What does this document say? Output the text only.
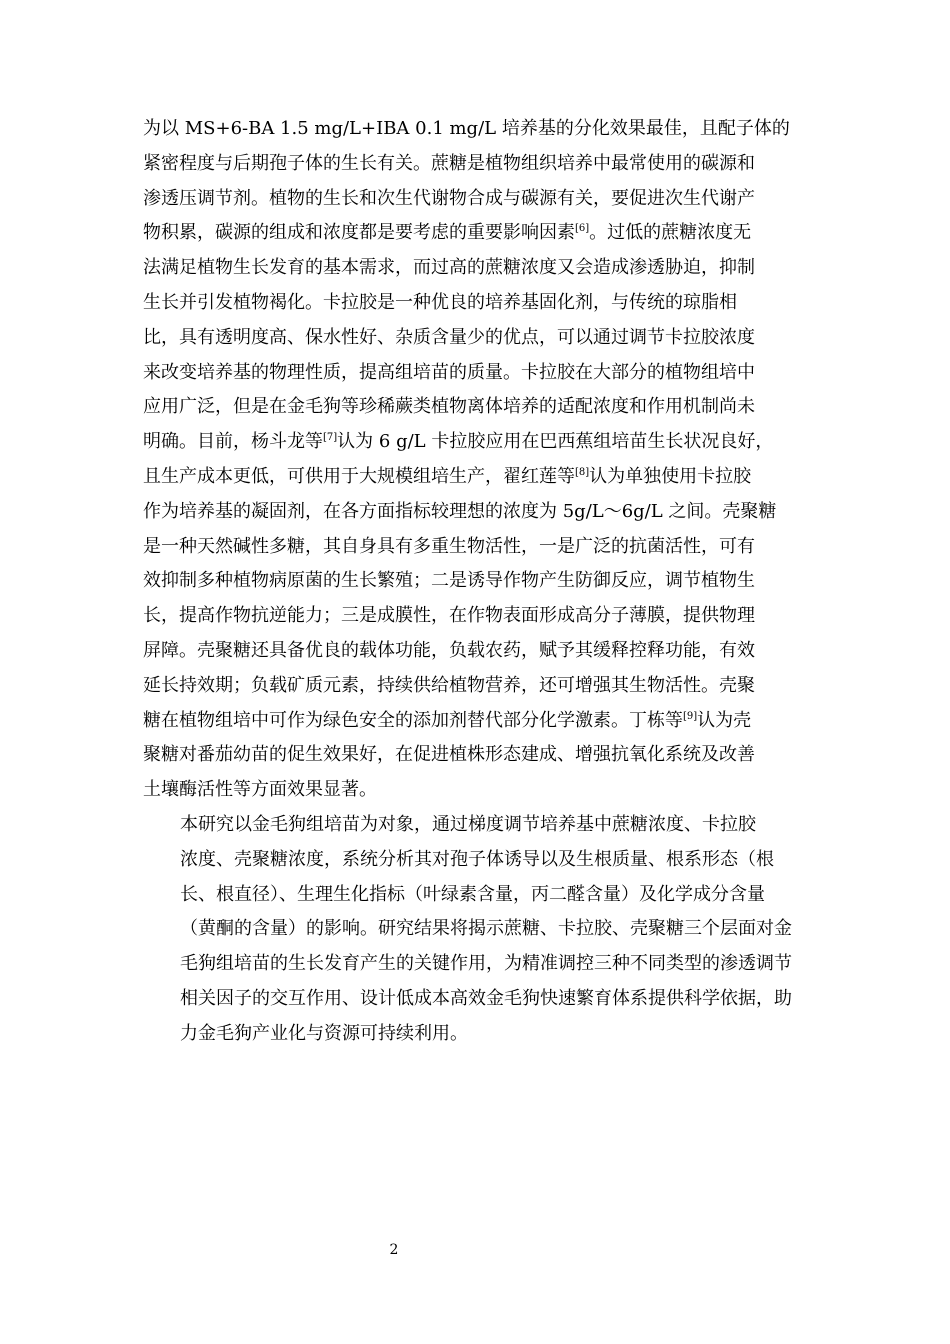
为以 MS+6-BA 1.5 mg/L+IBA 0.1 mg/L 培养基的分化效果最佳，且配子体的
紧密程度与后期孢子体的生长有关。蔗糖是植物组织培养中最常使用的碳源和
渗透压调节剂。植物的生长和次生代谢物合成与碳源有关，要促进次生代谢产
物积累，碳源的组成和浓度都是要考虑的重要影响因素[6]。过低的蔗糖浓度无
法满足植物生长发育的基本需求，而过高的蔗糖浓度又会造成渗透胁迫，抑制
生长并引发植物褐化。卡拉胶是一种优良的培养基固化剂，与传统的琼脂相
比，具有透明度高、保水性好、杂质含量少的优点，可以通过调节卡拉胶浓度
来改变培养基的物理性质，提高组培苗的质量。卡拉胶在大部分的植物组培中
应用广泛，但是在金毛狗等珍稀蕨类植物离体培养的适配浓度和作用机制尚未
明确。目前，杨斗龙等[7]认为 6 g/L 卡拉胶应用在巴西蕉组培苗生长状况良好，
且生产成本更低，可供用于大规模组培生产，翟红莲等[8]认为单独使用卡拉胶
作为培养基的凝固剂，在各方面指标较理想的浓度为 5g/L～6g/L 之间。壳聚糖
是一种天然碱性多糖，其自身具有多重生物活性，一是广泛的抗菌活性，可有
效抑制多种植物病原菌的生长繁殖；二是诱导作物产生防御反应，调节植物生
长，提高作物抗逆能力；三是成膜性，在作物表面形成高分子薄膜，提供物理
屏障。壳聚糖还具备优良的载体功能，负载农药，赋予其缓释控释功能，有效
延长持效期；负载矿质元素，持续供给植物营养，还可增强其生物活性。壳聚
糖在植物组培中可作为绿色安全的添加剂替代部分化学激素。丁栋等[9]认为壳
聚糖对番茄幼苗的促生效果好，在促进植株形态建成、增强抗氧化系统及改善
土壤酶活性等方面效果显著。

本研究以金毛狗组培苗为对象，通过梯度调节培养基中蔗糖浓度、卡拉胶
浓度、壳聚糖浓度，系统分析其对孢子体诱导以及生根质量、根系形态（根
长、根直径）、生理生化指标（叶绿素含量，丙二醛含量）及化学成分含量
（黄酮的含量）的影响。研究结果将揭示蔗糖、卡拉胶、壳聚糖三个层面对金
毛狗组培苗的生长发育产生的关键作用，为精准调控三种不同类型的渗透调节
相关因子的交互作用、设计低成本高效金毛狗快速繁育体系提供科学依据，助
力金毛狗产业化与资源可持续利用。

2
